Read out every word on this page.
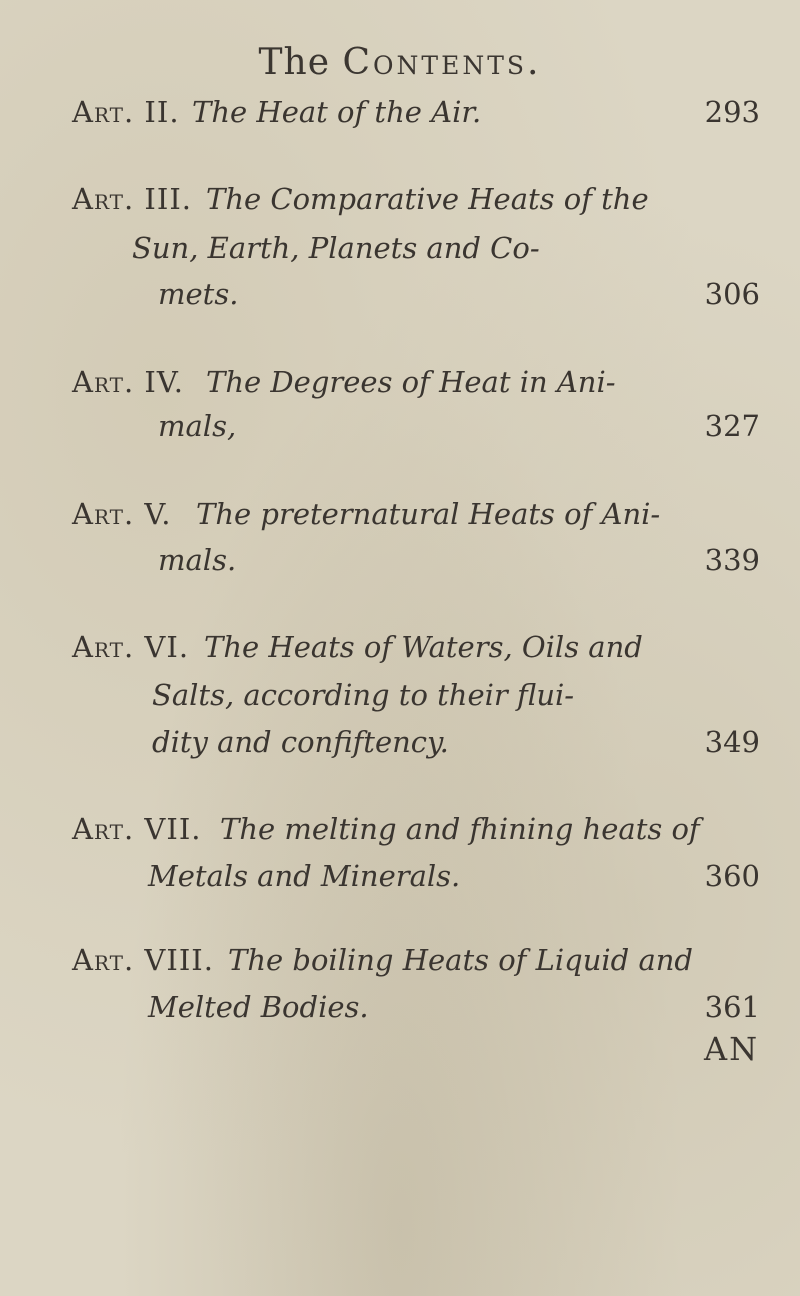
The Contents.
Art. II. The Heat of the Air.	293
Art. III. The Comparative Heats of the
Sun, Earth, Planets and Co-
mets.	306
Art. IV. The Degrees of Heat in Ani-
mals,	327
Art. V. The preternatural Heats of Ani-
mals.	339
Art. VI. The Heats of Waters, Oils and
Salts, according to their flui-
dity and confiftency.	349
Art. VII. The melting and fhining heats of
Metals and Minerals.	360
Art. VIII. The boiling Heats of Liquid and
Melted Bodies.	361
AN
